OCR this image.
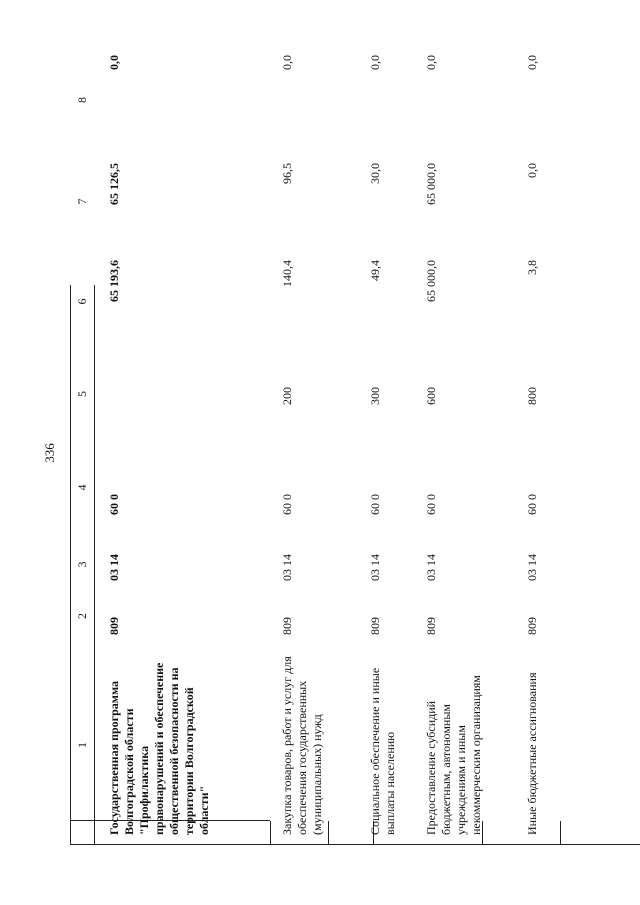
336
1
2
3
4
5
6
7
8
Государственная программа Волгоградской области "Профилактика правонарушений и обеспечение общественной безопасности на территории Волгоградской области"
809
03 14
60 0
65 193,6
65 126,5
0,0
Закупка товаров, работ и услуг для обеспечения государственных (муниципальных) нужд
809
03 14
60 0
200
140,4
96,5
0,0
Социальное обеспечение и иные выплаты населению
809
03 14
60 0
300
49,4
30,0
0,0
Предоставление субсидий бюджетным, автономным учреждениям и иным некоммерческим организациям
809
03 14
60 0
600
65 000,0
65 000,0
0,0
Иные бюджетные ассигнования
809
03 14
60 0
800
3,8
0,0
0,0
